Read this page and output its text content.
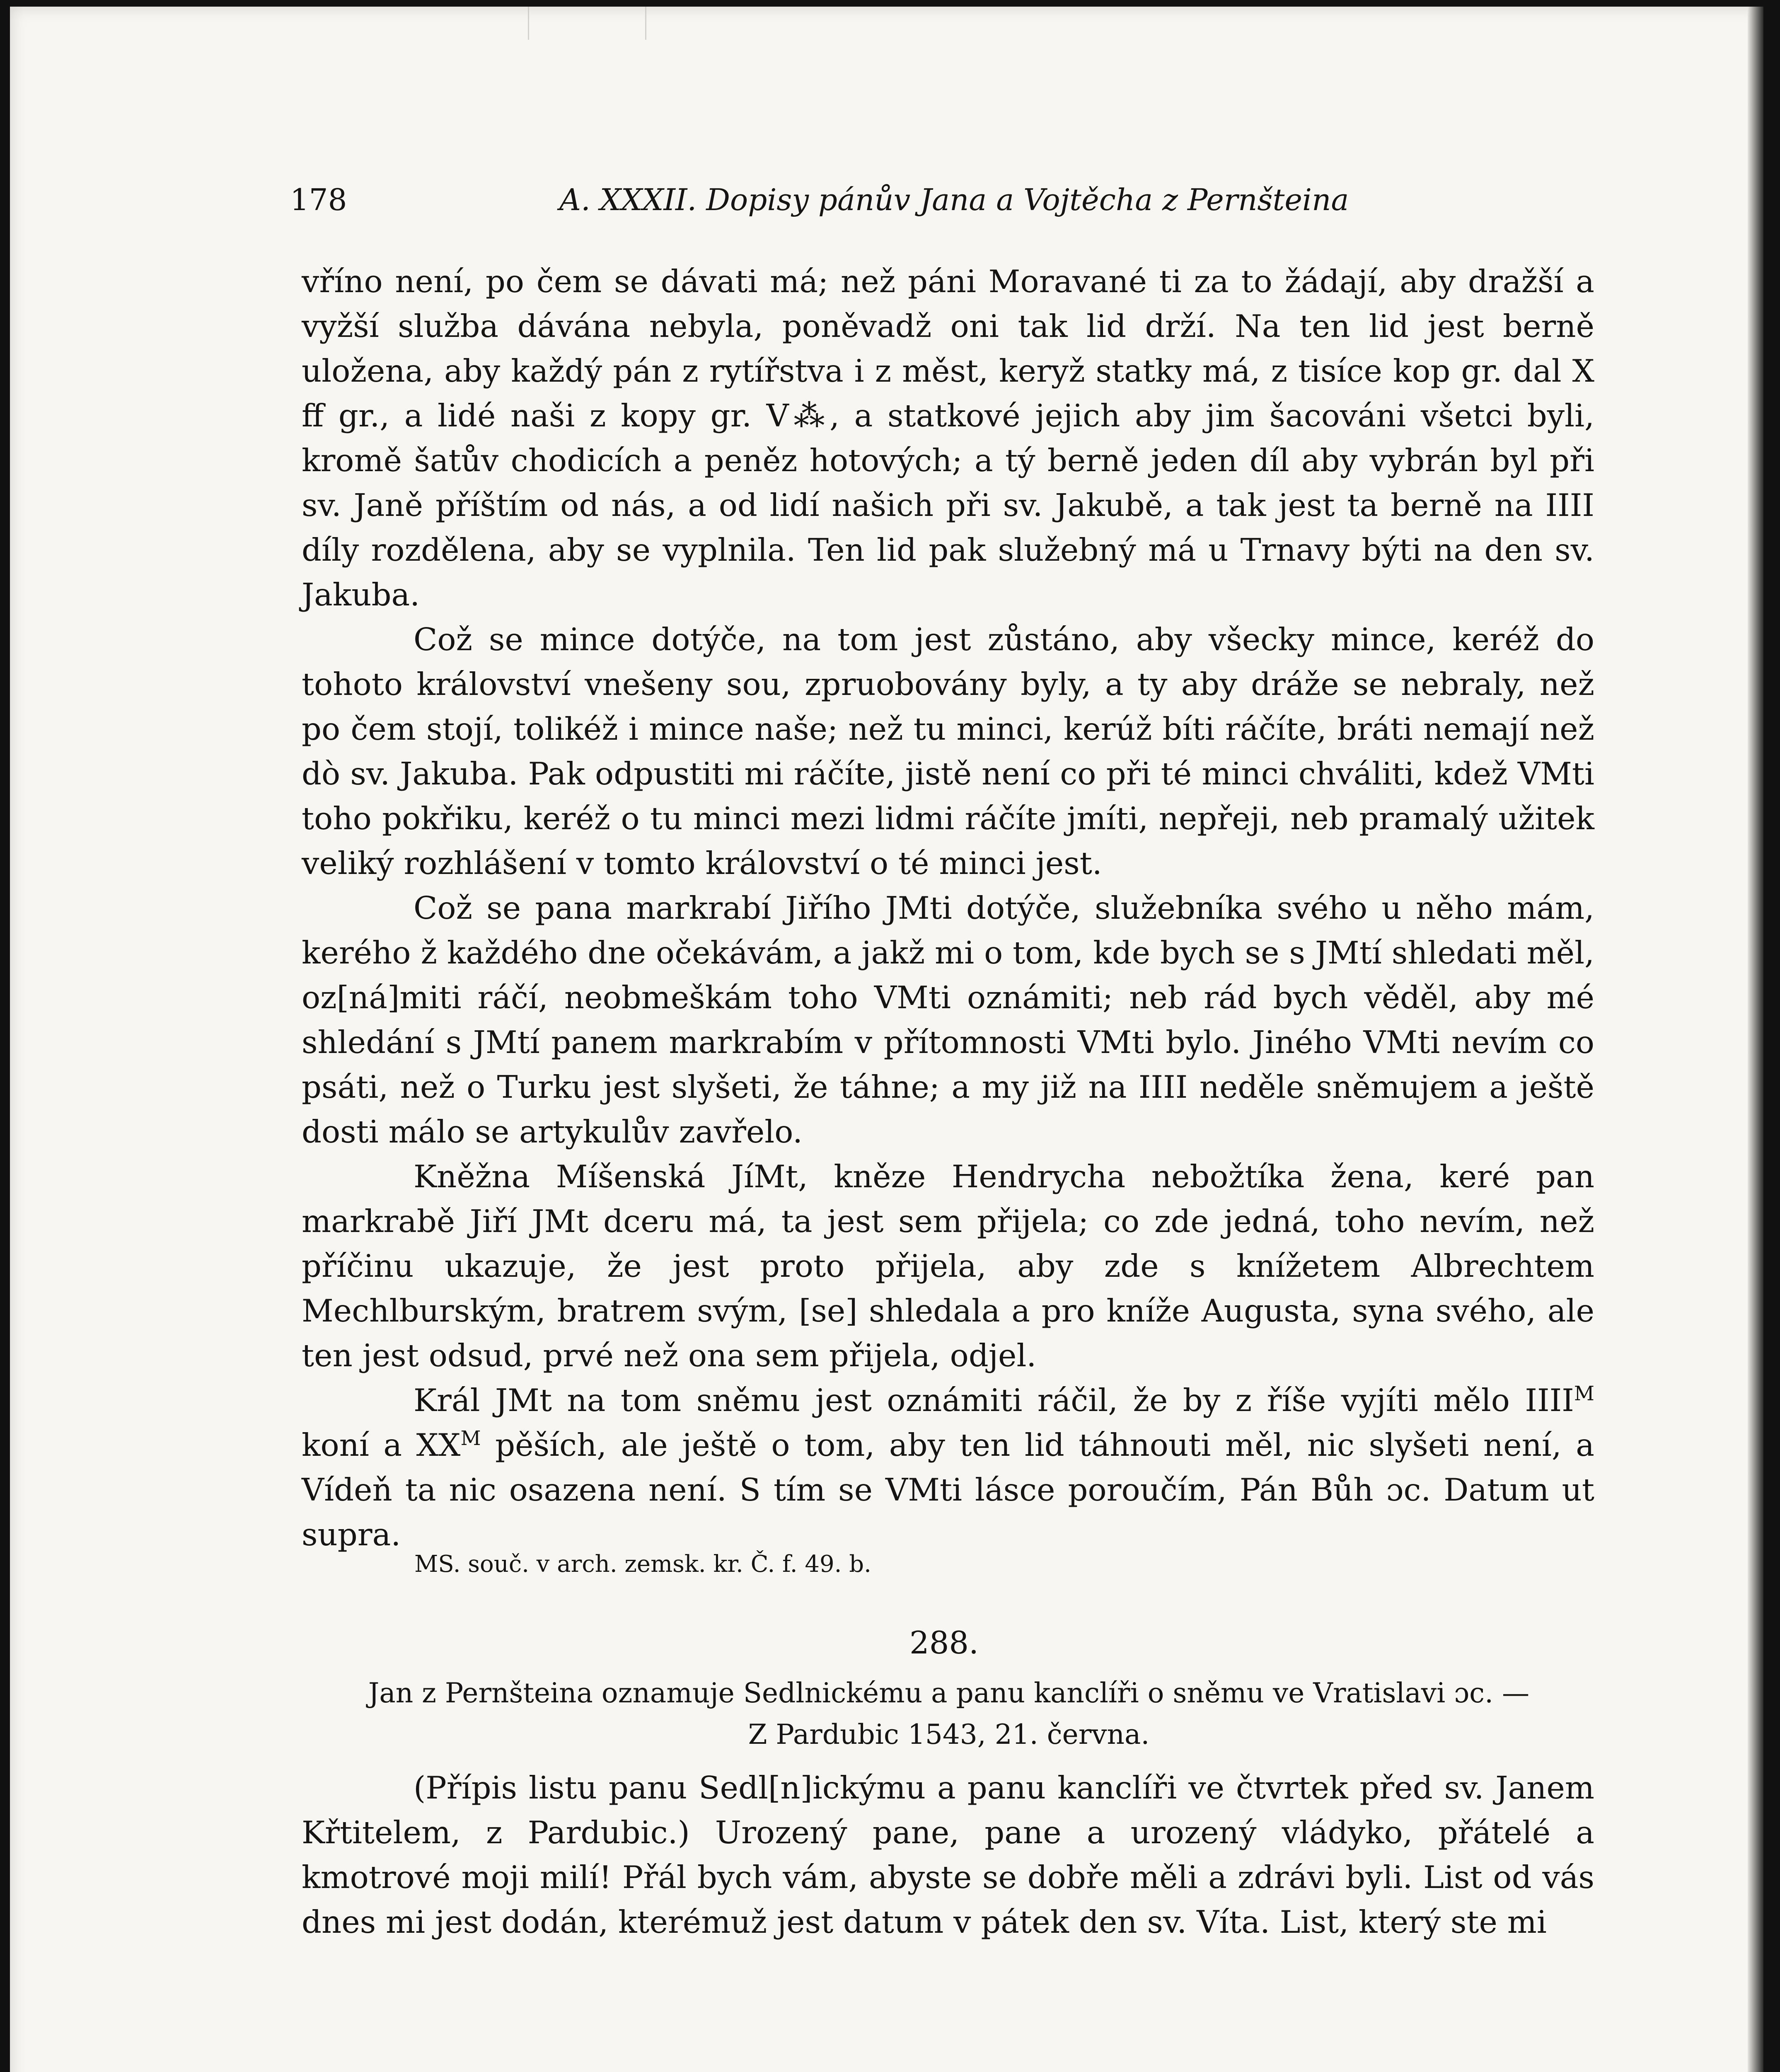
178	A. XXXII. Dopisy pánův Jana a Vojtěcha z Pernšteina

vříno není, po čem se dávati má; než páni Moravané ti za to žádají, aby dražší a vyžší služba dávána nebyla, poněvadž oni tak lid drží. Na ten lid jest berně uložena, aby každý pán z rytířstva i z měst, keryž statky má, z tisíce kop gr. dal X ff gr., a lidé naši z kopy gr. V⁂, a statkové jejich aby jim šacováni všetci byli, kromě šatův chodicích a peněz hotových; a tý berně jeden díl aby vybrán byl při sv. Janě příštím od nás, a od lidí našich při sv. Jakubě, a tak jest ta berně na IIII díly rozdělena, aby se vyplnila. Ten lid pak služebný má u Trnavy býti na den sv. Jakuba.

Což se mince dotýče, na tom jest zůstáno, aby všecky mince, keréž do tohoto království vnešeny sou, zpruobovány byly, a ty aby dráže se nebraly, než po čem stojí, tolikéž i mince naše; než tu minci, kerúž bíti ráčíte, bráti nemají než dò sv. Jakuba. Pak odpustiti mi ráčíte, jistě není co při té minci chváliti, kdež VMti toho pokřiku, keréž o tu minci mezi lidmi ráčíte jmíti, nepřeji, neb pramalý užitek veliký rozhlášení v tomto království o té minci jest.

Což se pana markrabí Jiřího JMti dotýče, služebníka svého u něho mám, kerého ž každého dne očekávám, a jakž mi o tom, kde bych se s JMtí shledati měl, oz[ná]miti ráčí, neobmeškám toho VMti oznámiti; neb rád bych věděl, aby mé shledání s JMtí panem markrabím v přítomnosti VMti bylo. Jiného VMti nevím co psáti, než o Turku jest slyšeti, že táhne; a my již na IIII neděle sněmujem a ještě dosti málo se artykulův zavřelo.

Kněžna Míšenská JíMt, kněze Hendrycha nebožtíka žena, keré pan markrabě Jiří JMt dceru má, ta jest sem přijela; co zde jedná, toho nevím, než příčinu ukazuje, že jest proto přijela, aby zde s knížetem Albrechtem Mechlburským, bratrem svým, [se] shledala a pro kníže Augusta, syna svého, ale ten jest odsud, prvé než ona sem přijela, odjel.

Král JMt na tom sněmu jest oznámiti ráčil, že by z říše vyjíti mělo $IIII^M$ koní a $XX^M$ pěších, ale ještě o tom, aby ten lid táhnouti měl, nic slyšeti není, a Vídeň ta nic osazena není. S tím se VMti lásce poroučím, Pán Bůh ɔc. Datum ut supra.

MS. souč. v arch. zemsk. kr. Č. f. 49. b.
288.
Jan z Pernšteina oznamuje Sedlnickému a panu kanclíři o sněmu ve Vratislavi ɔc. —
Z Pardubic 1543, 21. června.
(Přípis listu panu Sedl[n]ickýmu a panu kanclíři ve čtvrtek před sv. Janem Křtitelem, z Pardubic.) Urozený pane, pane a urozený vládyko, přátelé a kmotrové moji milí! Přál bych vám, abyste se dobře měli a zdrávi byli. List od vás dnes mi jest dodán, kterémuž jest datum v pátek den sv. Víta. List, který ste mi
